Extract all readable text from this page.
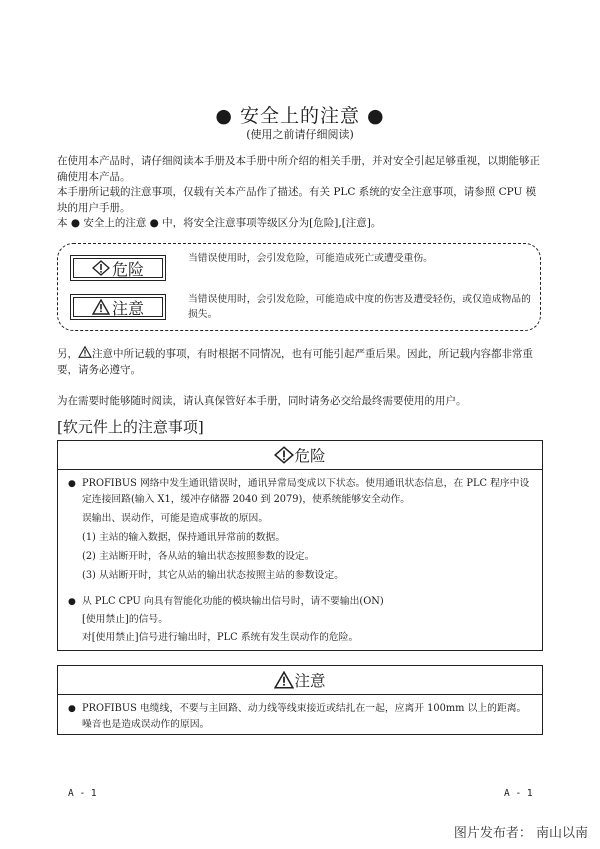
● 安全上的注意 ●
(使用之前请仔细阅读)

在使用本产品时，请仔细阅读本手册及本手册中所介绍的相关手册，并对安全引起足够重视，以期能够正确使用本产品。

本手册所记载的注意事项，仅载有关本产品作了描述。有关 PLC 系统的安全注意事项，请参照 CPU 模块的用户手册。

本 ● 安全上的注意 ● 中，将安全注意事项等级区分为[危险],[注意]。

危险
当错误使用时，会引发危险，可能造成死亡或遭受重伤。
注意	当错误使用时，会引发危险，可能造成中度的伤害及遭受轻伤，或仅造成物品的损失。

另， 注意中所记载的事项，有时根据不同情况，也有可能引起严重后果。因此，所记载内容都非常重要，请务必遵守。

为在需要时能够随时阅读，请认真保管好本手册，同时请务必交给最终需要使用的用户。

[软元件上的注意事项]
危险
● PROFIBUS 网络中发生通讯错误时，通讯异常局变成以下状态。使用通讯状态信息，在 PLC 程序中设定连接回路(输入 X1，缓冲存储器 2040 到 2079)，使系统能够安全动作。

误输出、误动作，可能是造成事故的原因。

(1) 主站的输入数据，保持通讯异常前的数据。

(2) 主站断开时，各从站的输出状态按照参数的设定。

(3) 从站断开时，其它从站的输出状态按照主站的参数设定。

● 从 PLC CPU 向具有智能化功能的模块输出信号时，请不要输出(ON)

[使用禁止]的信号。

对[使用禁止]信号进行输出时，PLC 系统有发生误动作的危险。

注意
● PROFIBUS 电缆线，不要与主回路、动力线等线束接近或结扎在一起，应离开 100mm 以上的距离。

噪音也是造成误动作的原因。

A - 1	A - 1
图片发布者： 南山以南
